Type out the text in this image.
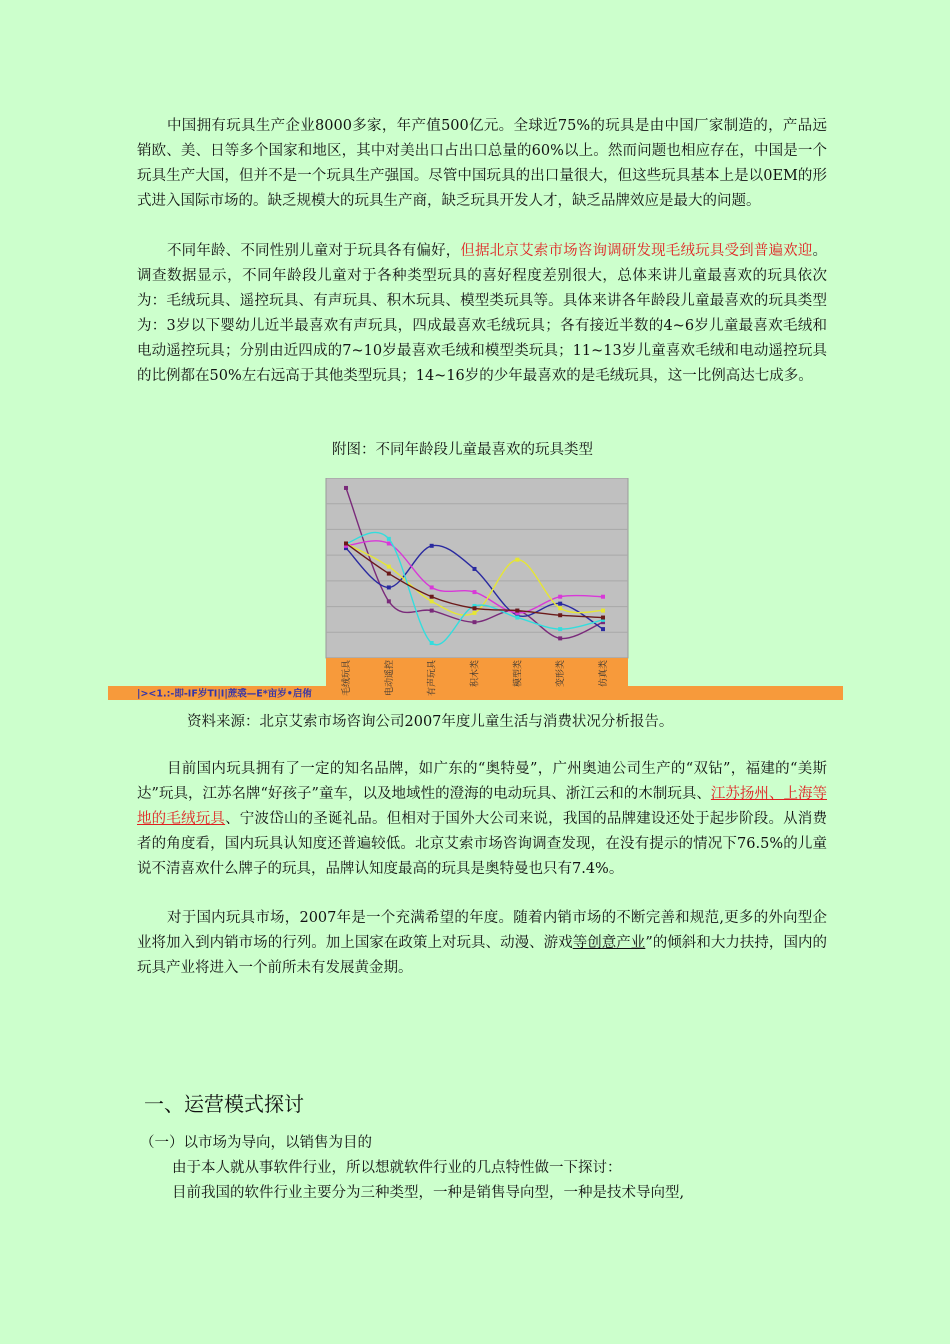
中国拥有玩具生产企业8000多家，年产值500亿元。全球近75%的玩具是由中国厂家制造的，产品远销欧、美、日等多个国家和地区，其中对美出口占出口总量的60%以上。然而问题也相应存在，中国是一个玩具生产大国，但并不是一个玩具生产强国。尽管中国玩具的出口量很大，但这些玩具基本上是以0EM的形式进入国际市场的。缺乏规模大的玩具生产商，缺乏玩具开发人才，缺乏品牌效应是最大的问题。

不同年龄、不同性别儿童对于玩具各有偏好，但据北京艾索市场咨询调研发现毛绒玩具受到普遍欢迎。调查数据显示，不同年龄段儿童对于各种类型玩具的喜好程度差别很大，总体来讲儿童最喜欢的玩具依次为：毛绒玩具、遥控玩具、有声玩具、积木玩具、模型类玩具等。具体来讲各年龄段儿童最喜欢的玩具类型为：3岁以下婴幼儿近半最喜欢有声玩具，四成最喜欢毛绒玩具；各有接近半数的4~6岁儿童最喜欢毛绒和电动遥控玩具；分别由近四成的7~10岁最喜欢毛绒和模型类玩具；11~13岁儿童喜欢毛绒和电动遥控玩具的比例都在50%左右远高于其他类型玩具；14~16岁的少年最喜欢的是毛绒玩具，这一比例高达七成多。

附图：不同年龄段儿童最喜欢的玩具类型
毛绒玩具	电动遥控	有声玩具	积木类	模型类	变形类	仿真类
|><1.:-即-IF岁TI|I|蔗裘—E*亩岁•启侑
资料来源：北京艾索市场咨询公司2007年度儿童生活与消费状况分析报告。

目前国内玩具拥有了一定的知名品牌，如广东的“奥特曼”，广州奥迪公司生产的“双钻”，福建的“美斯达”玩具，江苏名牌“好孩子”童车，以及地域性的澄海的电动玩具、浙江云和的木制玩具、江苏扬州、上海等地的毛绒玩具、宁波岱山的圣诞礼品。但相对于国外大公司来说，我国的品牌建设还处于起步阶段。从消费者的角度看，国内玩具认知度还普遍较低。北京艾索市场咨询调查发现，在没有提示的情况下76.5%的儿童说不清喜欢什么牌子的玩具，品牌认知度最高的玩具是奥特曼也只有7.4%。

对于国内玩具市场，2007年是一个充满希望的年度。随着内销市场的不断完善和规范,更多的外向型企业将加入到内销市场的行列。加上国家在政策上对玩具、动漫、游戏等创意产业”的倾斜和大力扶持，国内的玩具产业将进入一个前所未有发展黄金期。

一、运营模式探讨

（一）以市场为导向，以销售为目的

由于本人就从事软件行业，所以想就软件行业的几点特性做一下探讨：

目前我国的软件行业主要分为三种类型，一种是销售导向型，一种是技术导向型,
